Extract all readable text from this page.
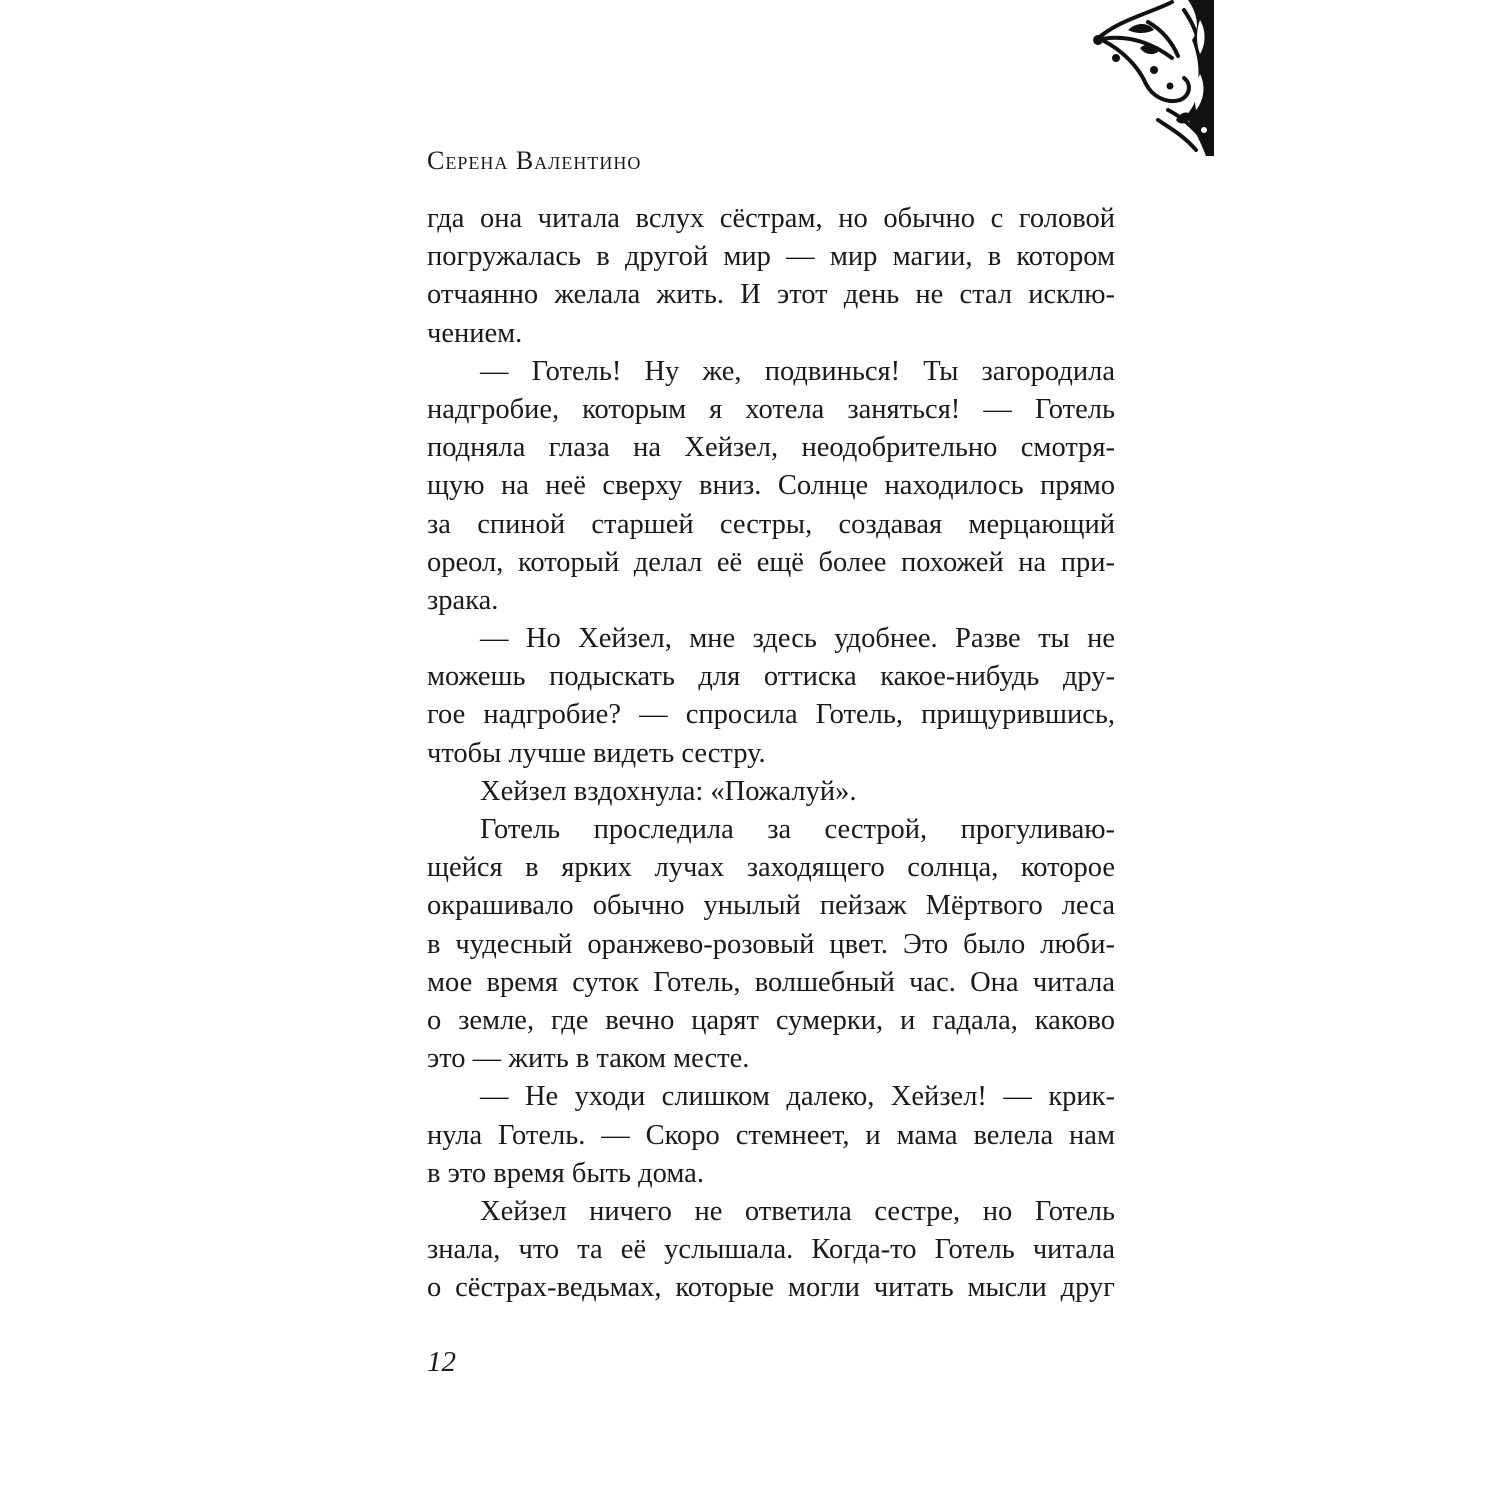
Серена Валентино
гда она читала вслух сёстрам, но обычно с головой
погружалась в другой мир — мир магии, в котором
отчаянно желала жить. И этот день не стал исклю-
чением.
— Готель! Ну же, подвинься! Ты загородила
надгробие, которым я хотела заняться! — Готель
подняла глаза на Хейзел, неодобрительно смотря-
щую на неё сверху вниз. Солнце находилось прямо
за спиной старшей сестры, создавая мерцающий
ореол, который делал её ещё более похожей на при-
зрака.
— Но Хейзел, мне здесь удобнее. Разве ты не
можешь подыскать для оттиска какое-нибудь дру-
гое надгробие? — спросила Готель, прищурившись,
чтобы лучше видеть сестру.
Хейзел вздохнула: «Пожалуй».
Готель проследила за сестрой, прогуливаю-
щейся в ярких лучах заходящего солнца, которое
окрашивало обычно унылый пейзаж Мёртвого леса
в чудесный оранжево-розовый цвет. Это было люби-
мое время суток Готель, волшебный час. Она читала
о земле, где вечно царят сумерки, и гадала, каково
это — жить в таком месте.
— Не уходи слишком далеко, Хейзел! — крик-
нула Готель. — Скоро стемнеет, и мама велела нам
в это время быть дома.
Хейзел ничего не ответила сестре, но Готель
знала, что та её услышала. Когда-то Готель читала
о сёстрах-ведьмах, которые могли читать мысли друг
12
